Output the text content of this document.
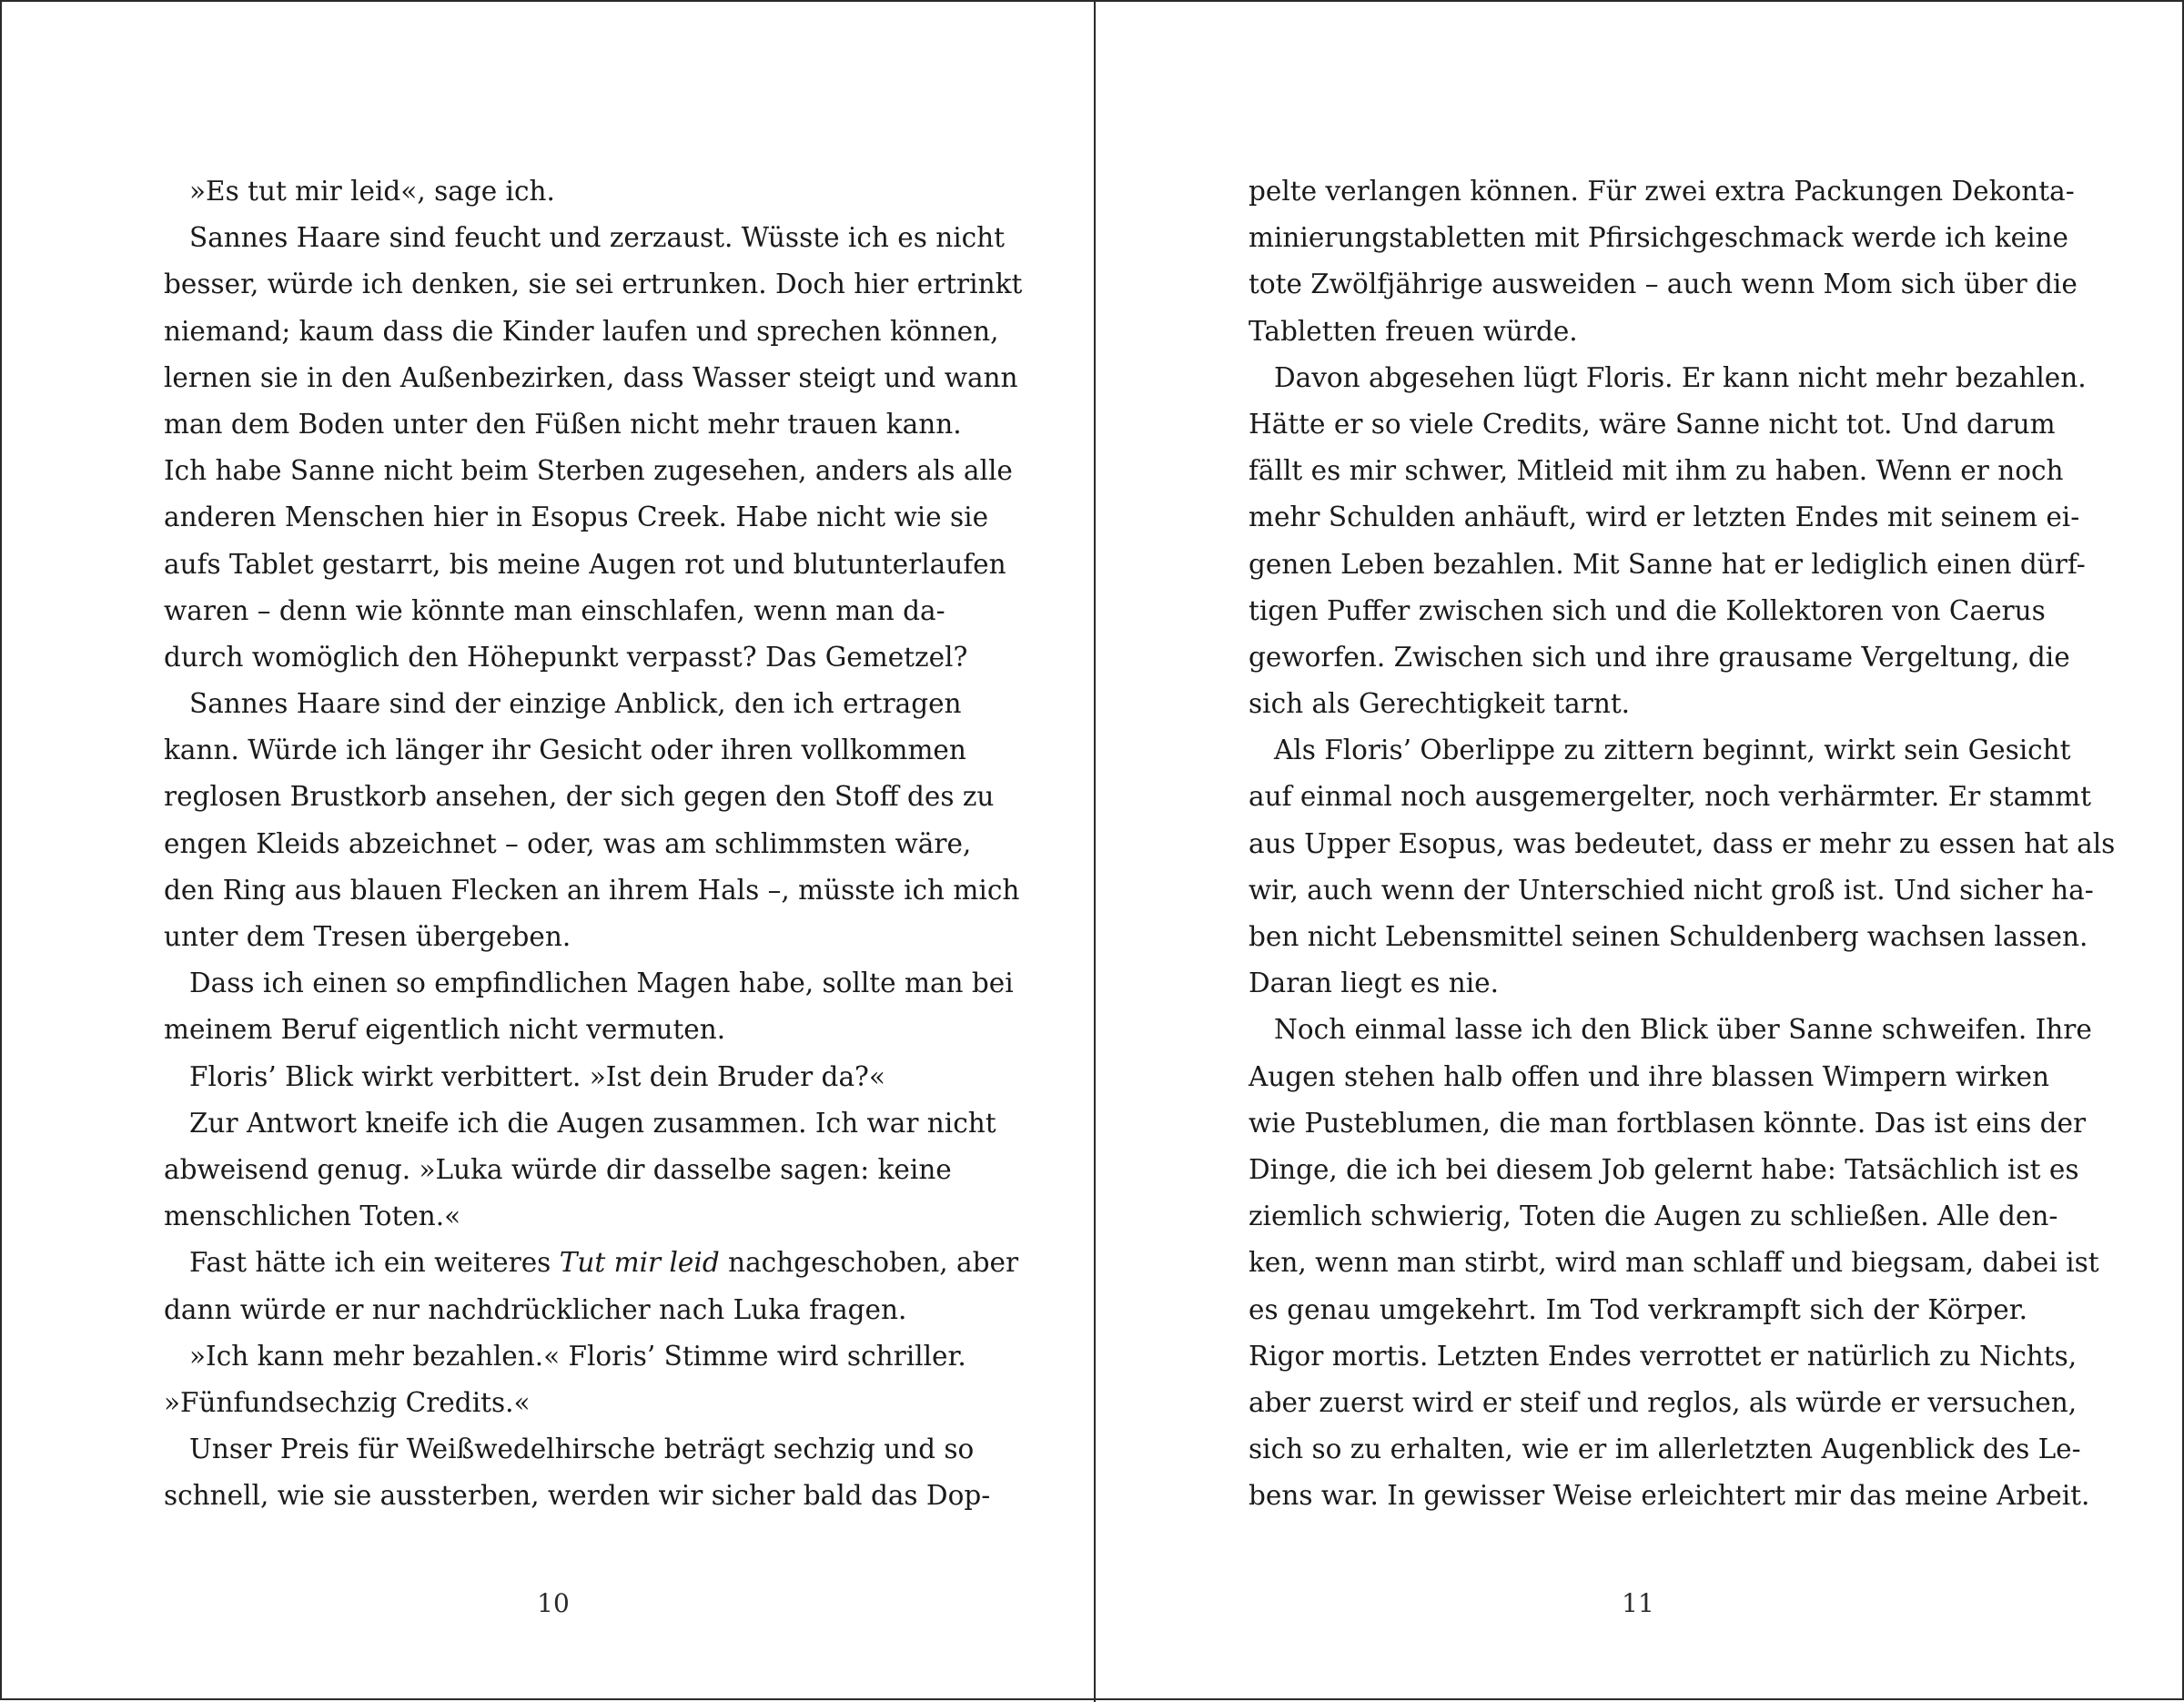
»Es tut mir leid«, sage ich.
Sannes Haare sind feucht und zerzaust. Wüsste ich es nicht
besser, würde ich denken, sie sei ertrunken. Doch hier ertrinkt
niemand; kaum dass die Kinder laufen und sprechen können,
lernen sie in den Außenbezirken, dass Wasser steigt und wann
man dem Boden unter den Füßen nicht mehr trauen kann.
Ich habe Sanne nicht beim Sterben zugesehen, anders als alle
anderen Menschen hier in Esopus Creek. Habe nicht wie sie
aufs Tablet gestarrt, bis meine Augen rot und blutunterlaufen
waren – denn wie könnte man einschlafen, wenn man da-
durch womöglich den Höhepunkt verpasst? Das Gemetzel?
Sannes Haare sind der einzige Anblick, den ich ertragen
kann. Würde ich länger ihr Gesicht oder ihren vollkommen
reglosen Brustkorb ansehen, der sich gegen den Stoff des zu
engen Kleids abzeichnet – oder, was am schlimmsten wäre,
den Ring aus blauen Flecken an ihrem Hals –, müsste ich mich
unter dem Tresen übergeben.
Dass ich einen so empfindlichen Magen habe, sollte man bei
meinem Beruf eigentlich nicht vermuten.
Floris’ Blick wirkt verbittert. »Ist dein Bruder da?«
Zur Antwort kneife ich die Augen zusammen. Ich war nicht
abweisend genug. »Luka würde dir dasselbe sagen: keine
menschlichen Toten.«
Fast hätte ich ein weiteres Tut mir leid nachgeschoben, aber
dann würde er nur nachdrücklicher nach Luka fragen.
»Ich kann mehr bezahlen.« Floris’ Stimme wird schriller.
»Fünfundsechzig Credits.«
Unser Preis für Weißwedelhirsche beträgt sechzig und so
schnell, wie sie aussterben, werden wir sicher bald das Dop-
10
pelte verlangen können. Für zwei extra Packungen Dekonta-
minierungstabletten mit Pfirsichgeschmack werde ich keine
tote Zwölfjährige ausweiden – auch wenn Mom sich über die
Tabletten freuen würde.
Davon abgesehen lügt Floris. Er kann nicht mehr bezahlen.
Hätte er so viele Credits, wäre Sanne nicht tot. Und darum
fällt es mir schwer, Mitleid mit ihm zu haben. Wenn er noch
mehr Schulden anhäuft, wird er letzten Endes mit seinem ei-
genen Leben bezahlen. Mit Sanne hat er lediglich einen dürf-
tigen Puffer zwischen sich und die Kollektoren von Caerus
geworfen. Zwischen sich und ihre grausame Vergeltung, die
sich als Gerechtigkeit tarnt.
Als Floris’ Oberlippe zu zittern beginnt, wirkt sein Gesicht
auf einmal noch ausgemergelter, noch verhärmter. Er stammt
aus Upper Esopus, was bedeutet, dass er mehr zu essen hat als
wir, auch wenn der Unterschied nicht groß ist. Und sicher ha-
ben nicht Lebensmittel seinen Schuldenberg wachsen lassen.
Daran liegt es nie.
Noch einmal lasse ich den Blick über Sanne schweifen. Ihre
Augen stehen halb offen und ihre blassen Wimpern wirken
wie Pusteblumen, die man fortblasen könnte. Das ist eins der
Dinge, die ich bei diesem Job gelernt habe: Tatsächlich ist es
ziemlich schwierig, Toten die Augen zu schließen. Alle den-
ken, wenn man stirbt, wird man schlaff und biegsam, dabei ist
es genau umgekehrt. Im Tod verkrampft sich der Körper.
Rigor mortis. Letzten Endes verrottet er natürlich zu Nichts,
aber zuerst wird er steif und reglos, als würde er versuchen,
sich so zu erhalten, wie er im allerletzten Augenblick des Le-
bens war. In gewisser Weise erleichtert mir das meine Arbeit.
11
